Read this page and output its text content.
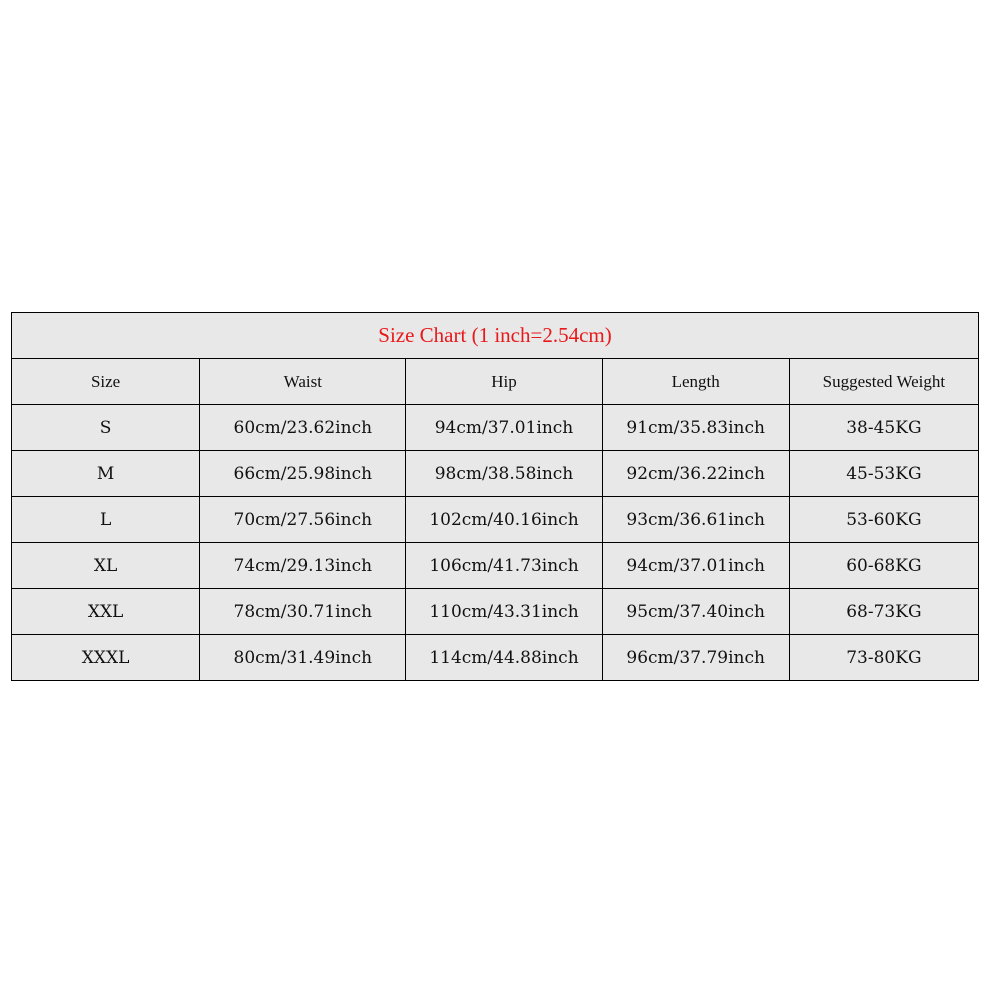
Size Chart (1 inch=2.54cm)				
Size	Waist	Hip	Length	Suggested Weight
S	60cm/23.62inch	94cm/37.01inch	91cm/35.83inch	38-45KG
M	66cm/25.98inch	98cm/38.58inch	92cm/36.22inch	45-53KG
L	70cm/27.56inch	102cm/40.16inch	93cm/36.61inch	53-60KG
XL	74cm/29.13inch	106cm/41.73inch	94cm/37.01inch	60-68KG
XXL	78cm/30.71inch	110cm/43.31inch	95cm/37.40inch	68-73KG
XXXL	80cm/31.49inch	114cm/44.88inch	96cm/37.79inch	73-80KG
